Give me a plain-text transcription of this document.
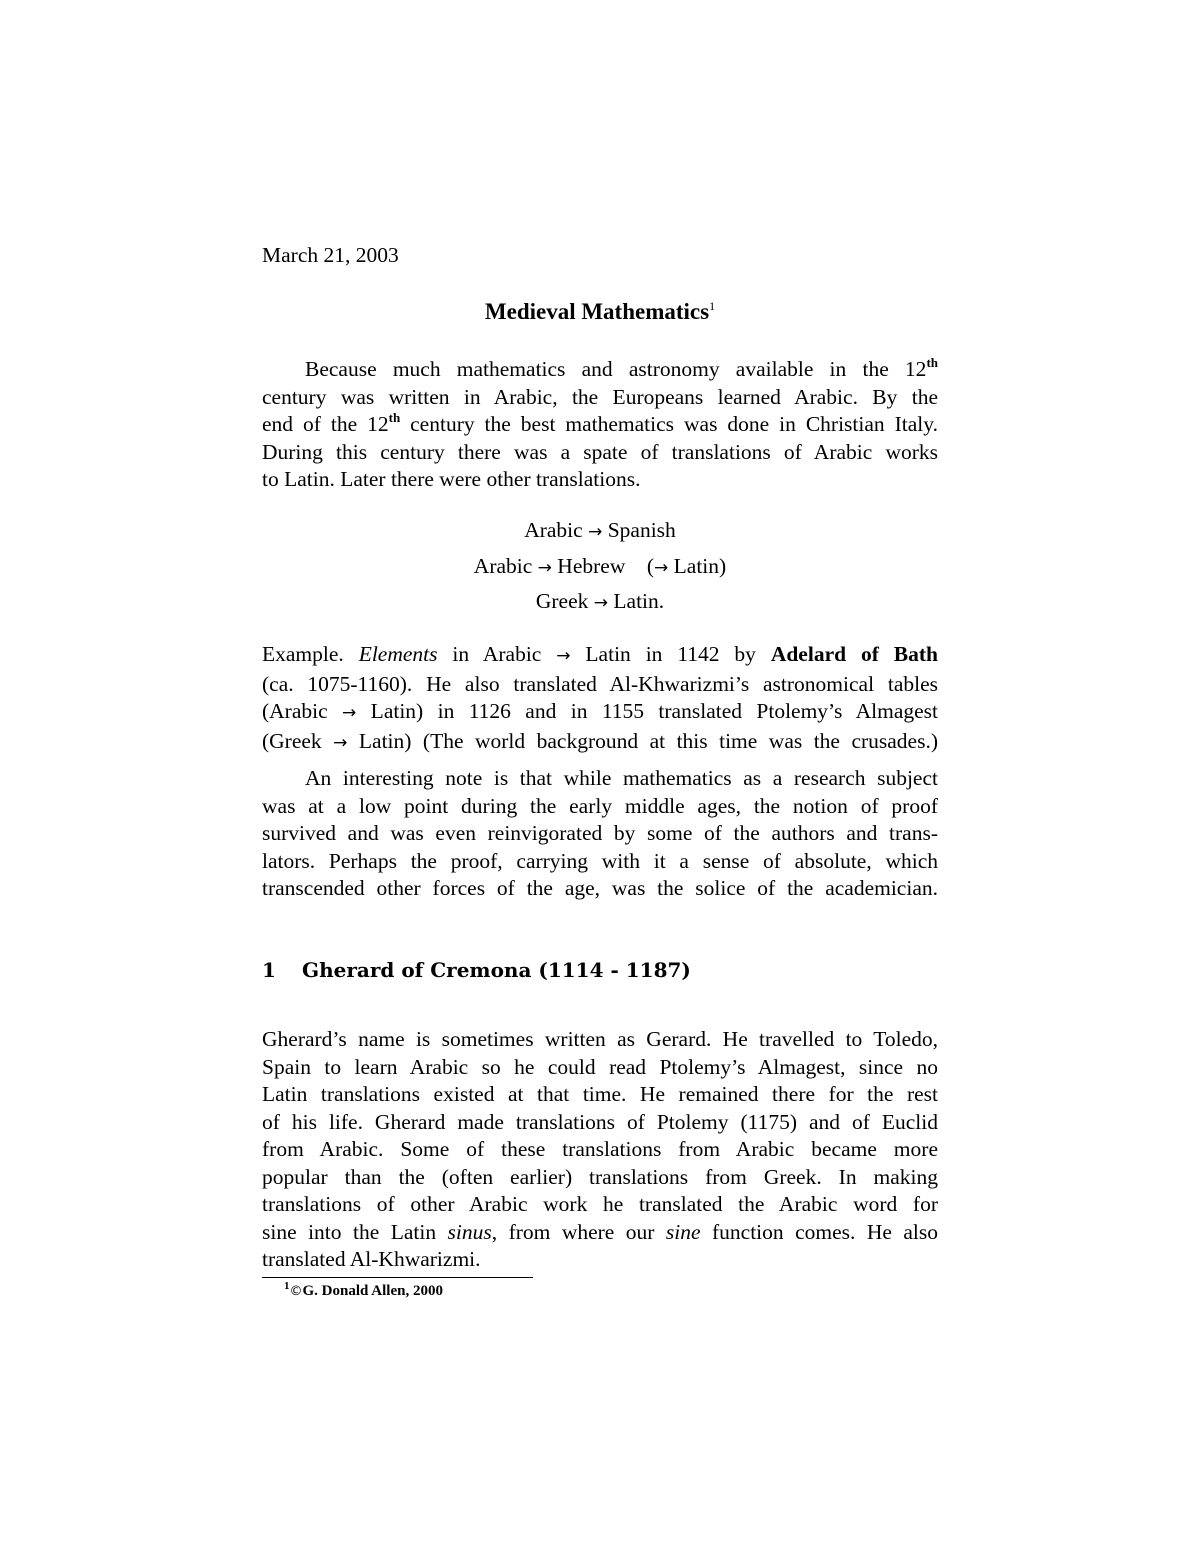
March 21, 2003
Medieval Mathematics$^1$
Because much mathematics and astronomy available in the 12th
century was written in Arabic, the Europeans learned Arabic. By the
end of the 12th century the best mathematics was done in Christian Italy.
During this century there was a spate of translations of Arabic works
to Latin. Later there were other translations.
Arabic → Spanish
Arabic → Hebrew    (→ Latin)
Greek → Latin.
Example. Elements in Arabic → Latin in 1142 by Adelard of Bath
(ca. 1075-1160). He also translated Al-Khwarizmi’s astronomical tables
(Arabic → Latin) in 1126 and in 1155 translated Ptolemy’s Almagest
(Greek → Latin) (The world background at this time was the crusades.)
An interesting note is that while mathematics as a research subject
was at a low point during the early middle ages, the notion of proof
survived and was even reinvigorated by some of the authors and trans-
lators. Perhaps the proof, carrying with it a sense of absolute, which
transcended other forces of the age, was the solice of the academician.
1 Gherard of Cremona (1114 - 1187)
Gherard’s name is sometimes written as Gerard. He travelled to Toledo,
Spain to learn Arabic so he could read Ptolemy’s Almagest, since no
Latin translations existed at that time. He remained there for the rest
of his life. Gherard made translations of Ptolemy (1175) and of Euclid
from Arabic. Some of these translations from Arabic became more
popular than the (often earlier) translations from Greek. In making
translations of other Arabic work he translated the Arabic word for
sine into the Latin sinus, from where our sine function comes. He also
translated Al-Khwarizmi.
$^1$©G. Donald Allen, 2000
